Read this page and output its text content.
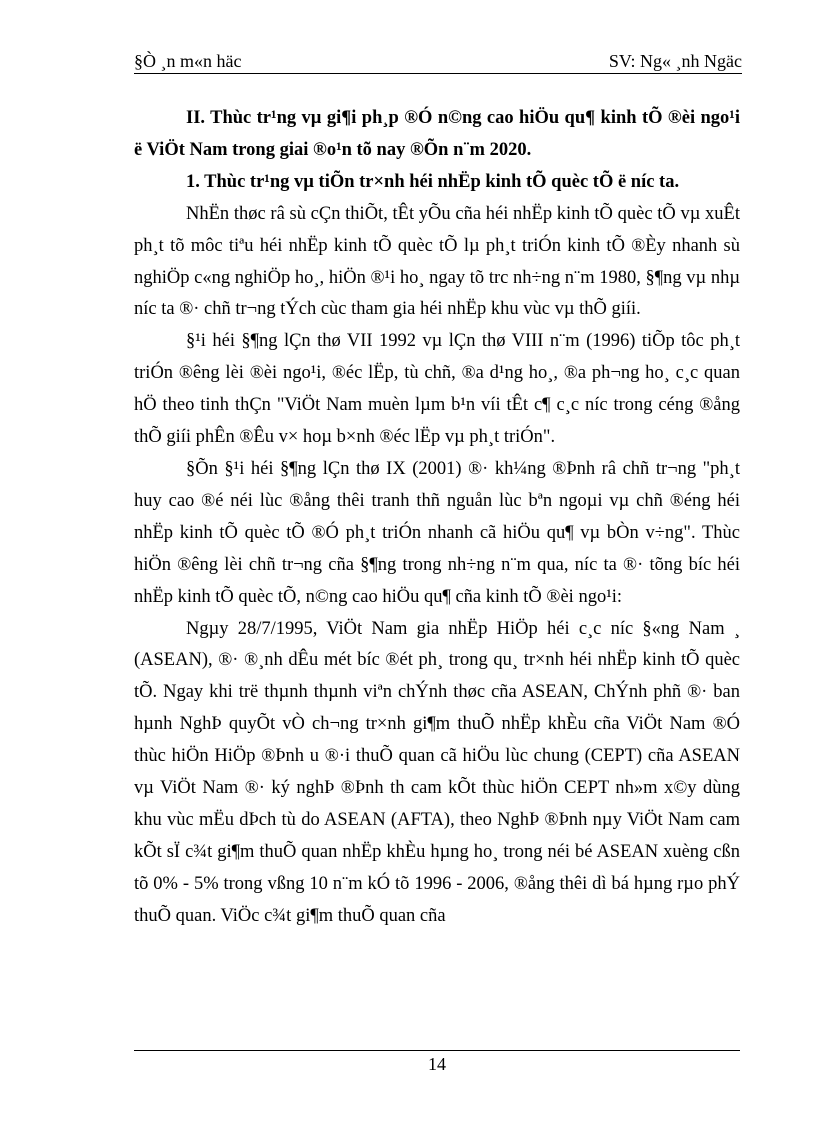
§Ò ¸n m«n häc	SV: Ng« ¸nh Ngäc

II. Thùc tr¹ng vµ gi¶i ph¸p ®Ó n©ng cao hiÖu qu¶ kinh tÕ ®èi ngo¹i ë ViÖt Nam trong giai ®o¹n tõ nay ®Õn n¨m 2020.

1. Thùc tr¹ng vµ tiÕn tr×nh héi nhËp kinh tÕ quèc tÕ ë níc ta.

NhËn thøc râ sù cÇn thiÕt, tÊt yÕu cña héi nhËp kinh tÕ quèc tÕ vµ xuÊt ph¸t tõ môc tiªu héi nhËp kinh tÕ quèc tÕ lµ ph¸t triÓn kinh tÕ ®Èy nhanh sù nghiÖp c«ng nghiÖp ho¸, hiÖn ®¹i ho¸ ngay tõ trc nh÷ng n¨m 1980, §¶ng vµ nhµ níc ta ®· chñ tr¬ng tÝch cùc tham gia héi nhËp khu vùc vµ thÕ giíi.

§¹i héi §¶ng lÇn thø VII 1992 vµ lÇn thø VIII n¨m (1996) tiÕp tôc ph¸t triÓn ®êng lèi ®èi ngo¹i, ®éc lËp, tù chñ, ®a d¹ng ho¸, ®a ph¬ng ho¸ c¸c quan hÖ theo tinh thÇn "ViÖt Nam muèn lµm b¹n víi tÊt c¶ c¸c níc trong céng ®ång thÕ giíi phÊn ®Êu v× hoµ b×nh ®éc lËp vµ ph¸t triÓn".

§Õn §¹i héi §¶ng lÇn thø IX (2001) ®· kh¼ng ®Þnh râ chñ tr¬ng "ph¸t huy cao ®é néi lùc ®ång thêi tranh thñ nguån lùc bªn ngoµi vµ chñ ®éng héi nhËp kinh tÕ quèc tÕ ®Ó ph¸t triÓn nhanh cã hiÖu qu¶ vµ bÒn v÷ng". Thùc hiÖn ®êng lèi chñ tr¬ng cña §¶ng trong nh÷ng n¨m qua, níc ta ®· tõng bíc héi nhËp kinh tÕ quèc tÕ, n©ng cao hiÖu qu¶ cña kinh tÕ ®èi ngo¹i:

Ngµy 28/7/1995, ViÖt Nam gia nhËp HiÖp héi c¸c níc §«ng Nam ¸ (ASEAN), ®· ®¸nh dÊu mét bíc ®ét ph¸ trong qu¸ tr×nh héi nhËp kinh tÕ quèc tÕ. Ngay khi trë thµnh thµnh viªn chÝnh thøc cña ASEAN, ChÝnh phñ ®· ban hµnh NghÞ quyÕt vÒ ch¬ng tr×nh gi¶m thuÕ nhËp khÈu cña ViÖt Nam ®Ó thùc hiÖn HiÖp ®Þnh u ®·i thuÕ quan cã hiÖu lùc chung (CEPT) cña ASEAN vµ ViÖt Nam ®· ký nghÞ ®Þnh th cam kÕt thùc hiÖn CEPT nh»m x©y dùng khu vùc mËu dÞch tù do ASEAN (AFTA), theo NghÞ ®Þnh nµy ViÖt Nam cam kÕt sÏ c¾t gi¶m thuÕ quan nhËp khÈu hµng ho¸ trong néi bé ASEAN xuèng cßn tõ 0% - 5% trong vßng 10 n¨m kÓ tõ 1996 - 2006, ®ång thêi dì bá hµng rµo phÝ thuÕ quan. ViÖc c¾t gi¶m thuÕ quan cña

14
